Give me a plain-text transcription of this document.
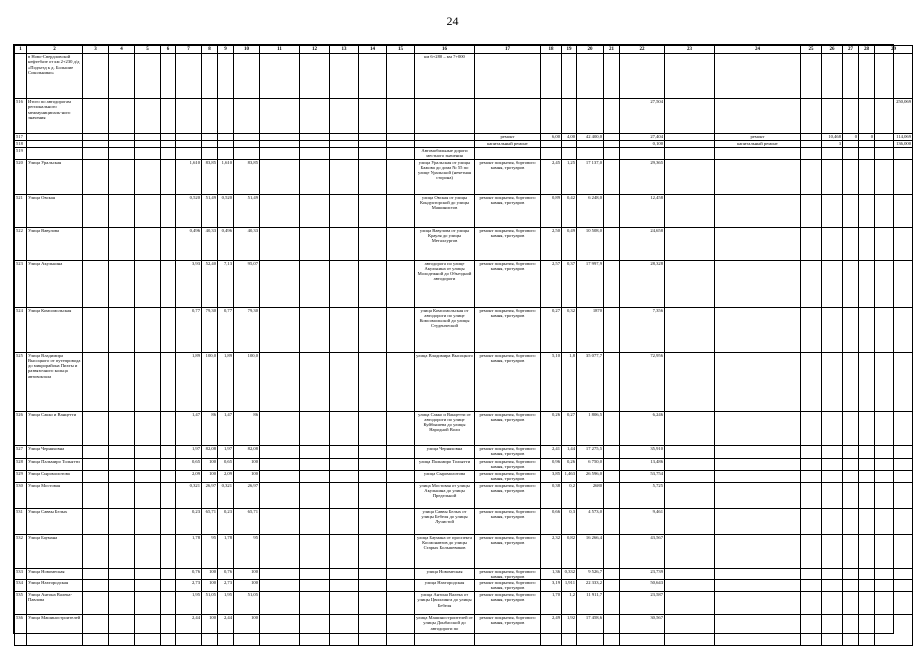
24
1	2	3	4	5	6	7	8	9	10	11	12	13	14	15	16	17	18	19	20	21	22	23	24	25	26	27	28	29
	в Ново-Свердловской нефтебазе от км 2+230 д/д «Подъезд к д. Большие Сокольники»														км 6+280 – км 7+000													
516	Итого по автодорогам регионального межмуниципаль-ного значения																				27,504							250,069
517																ремонт	6,00	4,00	42 400,0		27,404		ремонт		10,468	0	0	114,069
518																капитальный ремонт					0,100		капитальный ремонт		3			136,000
519															Автомобильные дороги местного значения													
520	Улица Уральская					1,610	83,85	1,610	83,85						улица Уральская от улицы Бажова до дома № 55 по улице Уральской (нечетная сторона)	ремонт покрытия, бортового камня, тротуаров	2,45	1,25	17 137,0		29,365							
521	Улица Овская					0,520	51,49	0,520	51,49						улица Овская от улицы Кондукторской до улицы Машинистов	ремонт покрытия, бортового камня, тротуаров	0,89	0,42	6 248,0		12,458							
522	Улица Вавулова					0,496	40,33	0,496	40,33						улица Вавулова от улицы Крауля до улицы Металлургов	ремонт покрытия, бортового камня, тротуаров	2,50	0,49	10 508,0		24,658							
523	Улица Акулькина					3,93	52,40	7,13	95,07						автодорога по улице Акулькина от улицы Молодежной до Объездной автодороги	ремонт покрытия, бортового камня, тротуаров	2,57	0,37	17 997,9		28,328							
524	Улица Комсомольская					0,77	79,30	0,77	79,30						улица Комсомольская от автодороги по улице Комсомольской до улицы Студенческой	ремонт покрытия, бортового камня, тротуаров	0,27	0,32	1870		7,356							
525	Улица Владимира Высоцкого от путепровода до микрорайона Пихты и развязочного кольца автовокзала					1,89	100,0	1,89	100,0						улица Владимира Высоцкого	ремонт покрытия, бортового камня, тротуаров	5,10	1,8	35 077,7		72,956							
526	Улица Сакко и Ванцетти					1,47	86	1,47	86						улица Сакко и Ванцетти от автодороги по улице Куйбышева до улицы Народной Воли	ремонт покрытия, бортового камня, тротуаров	0,26	0,27	1 806,5		6,246							
527	Улица Черняховна					1,97	82,08	1,97	82,08						улица Черняховна	ремонт покрытия, бортового камня, тротуаров	2,41	1,44	17 275,5		35,910							
528	Улица Пальмиро Тольятти					0,65	100	0,65	100						улица Пальмиро Тольятти	ремонт покрытия, бортового камня, тротуаров	0,96	0,26	6 750,0		13,486							
529	Улица Сыромолотова					2,09	100	2,09	100						улица Сыромолотова	ремонт покрытия, бортового камня, тротуаров	3,85	1,463	26 596,0		53,754							
530	Улица Мостовая					0,321	26,97	0,321	26,97						улица Мостовая от улицы Акулькина до улицы Предельной	ремонт покрытия, бортового камня, тротуаров	0,38	0,2	2680		5,725							
531	Улица Саввы Белых					0,23	65,71	0,23	65,71						улица Саввы Белых от улицы Бебеля до улицы Лучистой	ремонт покрытия, бортового камня, тротуаров	0,66	0,3	4 573,0		9,461							
532	Улица Баумана					1,78	95	1,78	95						улица Баумана от проспекта Космонавтов до улицы Старых Большевиков	ремонт покрытия, бортового камня, тротуаров	2,32	0,82	16 266,4		43,567							
533	Улица Новомеская					0,76	100	0,76	100						улица Новомеская	ремонт покрытия, бортового камня, тротуаров	1,36	0,332	9 526,7		23,739							
534	Улица Нахтородская					2,73	100	2,73	100						улица Нахтородская	ремонт покрытия, бортового камня, тротуаров	3,19	1,911	22 333,2		50,643							
535	Улица Антона Валека-Павлова					1,95	51,05	1,95	51,05						улица Антона Валека от улицы Цвиллинга до улицы Бебеля	ремонт покрытия, бортового камня, тротуаров	1,70	1,2	11 911,7		23,587							
536	Улица Машиностроителей					2,44	100	2,44	100						улица Машиностроителей от улицы Донбасской до автодороги по	ремонт покрытия, бортового камня, тротуаров	2,49	1,92	17 458,6		30,567							
